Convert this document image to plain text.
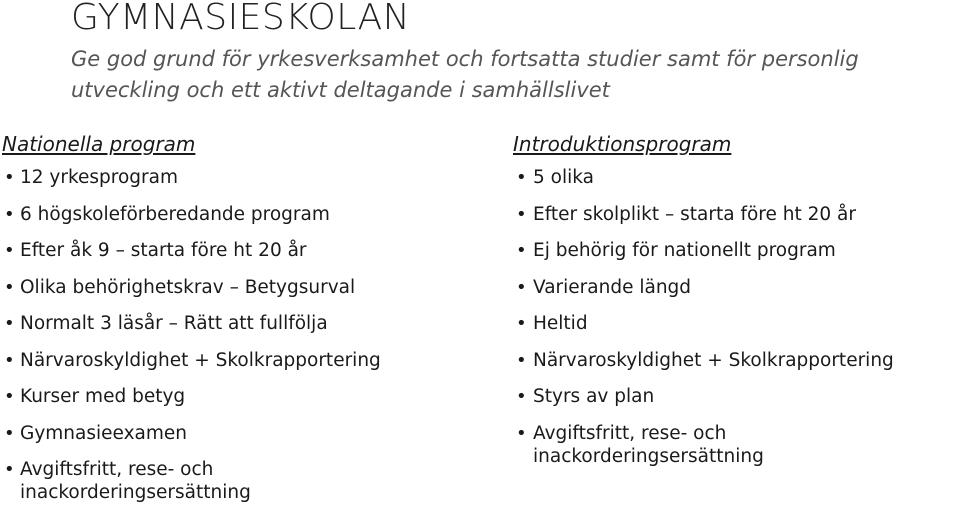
GYMNASIESKOLAN
Ge god grund för yrkesverksamhet och fortsatta studier samt för personlig utveckling och ett aktivt deltagande i samhällslivet
Nationella program
• 12 yrkesprogram
• 6 högskoleförberedande program
• Efter åk 9 – starta före ht 20 år
• Olika behörighetskrav – Betygsurval
• Normalt 3 läsår – Rätt att fullfölja
• Närvaroskyldighet + Skolkrapportering
• Kurser med betyg
• Gymnasieexamen
• Avgiftsfritt, rese- och inackorderingsersättning
Introduktionsprogram
• 5 olika
• Efter skolplikt – starta före ht 20 år
• Ej behörig för nationellt program
• Varierande längd
• Heltid
• Närvaroskyldighet + Skolkrapportering
• Styrs av plan
• Avgiftsfritt, rese- och inackorderingsersättning
